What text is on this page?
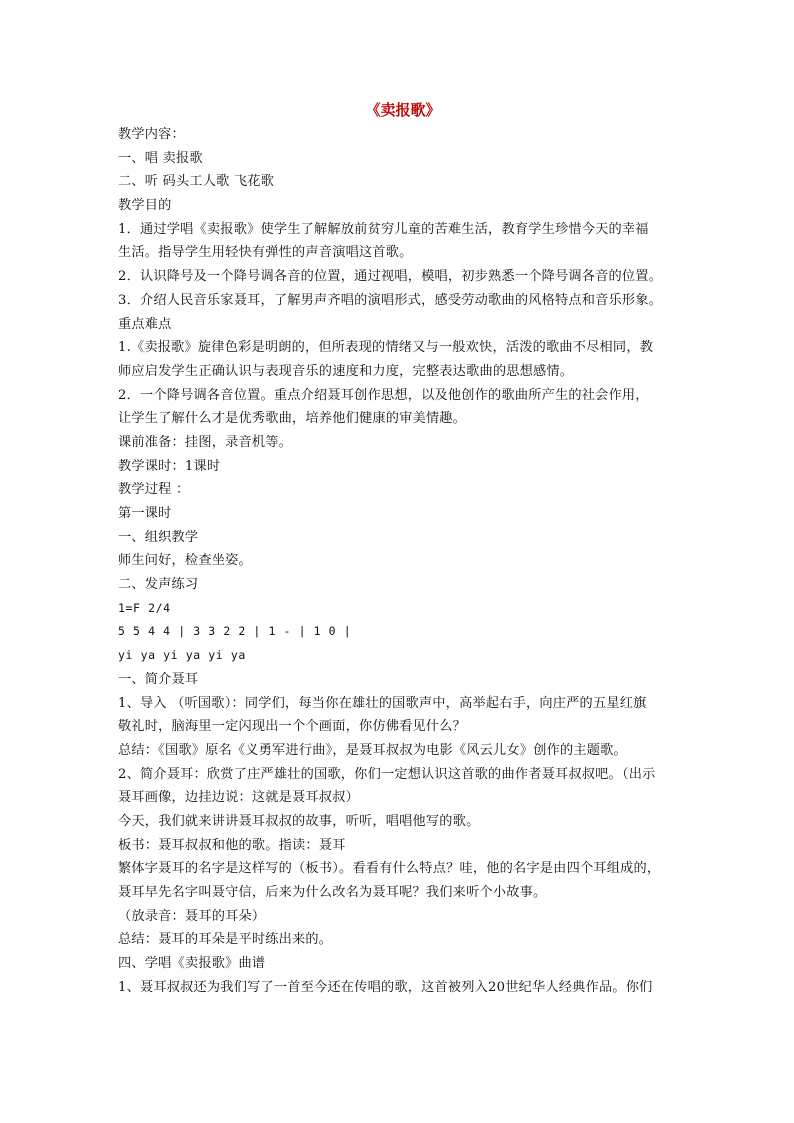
《卖报歌》
教学内容：
一、唱 卖报歌
二、听 码头工人歌 飞花歌
教学目的
1．通过学唱《卖报歌》使学生了解解放前贫穷儿童的苦难生活，教育学生珍惜今天的幸福
生活。指导学生用轻快有弹性的声音演唱这首歌。
2．认识降号及一个降号调各音的位置，通过视唱，模唱，初步熟悉一个降号调各音的位置。
3．介绍人民音乐家聂耳，了解男声齐唱的演唱形式，感受劳动歌曲的风格特点和音乐形象。
重点难点
1.《卖报歌》旋律色彩是明朗的，但所表现的情绪又与一般欢快，活泼的歌曲不尽相同，教
师应启发学生正确认识与表现音乐的速度和力度，完整表达歌曲的思想感情。
2．一个降号调各音位置。重点介绍聂耳创作思想，以及他创作的歌曲所产生的社会作用，
让学生了解什么才是优秀歌曲，培养他们健康的审美情趣。
课前准备：挂图，录音机等。
教学课时：1课时
教学过程 ：
第一课时
一、组织教学
师生问好，检查坐姿。
二、发声练习
1=F 2/4
5 5 4 4 | 3 3 2 2 | 1 - | 1 0 |
yi ya yi ya yi ya
一、简介聂耳
1、导入 （听国歌）：同学们，每当你在雄壮的国歌声中，高举起右手，向庄严的五星红旗
敬礼时，脑海里一定闪现出一个个画面，你仿佛看见什么？
总结：《国歌》原名《义勇军进行曲》，是聂耳叔叔为电影《风云儿女》创作的主题歌。
2、简介聂耳：欣赏了庄严雄壮的国歌，你们一定想认识这首歌的曲作者聂耳叔叔吧。（出示
聂耳画像，边挂边说：这就是聂耳叔叔）
今天，我们就来讲讲聂耳叔叔的故事，听听，唱唱他写的歌。
板书：聂耳叔叔和他的歌。指读：聂耳
繁体字聂耳的名字是这样写的（板书）。看看有什么特点？哇，他的名字是由四个耳组成的，
聂耳早先名字叫聂守信，后来为什么改名为聂耳呢？我们来听个小故事。
（放录音：聂耳的耳朵）
总结：聂耳的耳朵是平时练出来的。
四、学唱《卖报歌》曲谱
1、聂耳叔叔还为我们写了一首至今还在传唱的歌，这首被列入20世纪华人经典作品。你们
